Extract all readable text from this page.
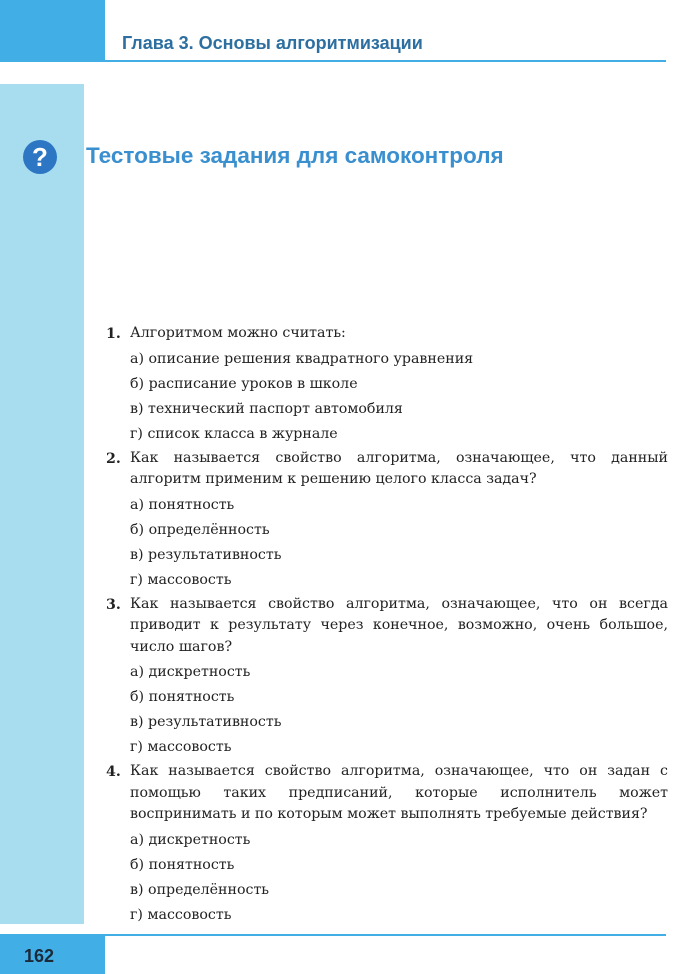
Глава 3. Основы алгоритмизации
?	Тестовые задания для самоконтроля
1. Алгоритмом можно считать:
а) описание решения квадратного уравнения
б) расписание уроков в школе
в) технический паспорт автомобиля
г) список класса в журнале
2. Как называется свойство алгоритма, означающее, что данный алгоритм применим к решению целого класса задач?
а) понятность
б) определённость
в) результативность
г) массовость
3. Как называется свойство алгоритма, означающее, что он всегда приводит к результату через конечное, возможно, очень большое, число шагов?
а) дискретность
б) понятность
в) результативность
г) массовость
4. Как называется свойство алгоритма, означающее, что он задан с помощью таких предписаний, которые исполнитель может воспринимать и по которым может выполнять требуемые действия?
а) дискретность
б) понятность
в) определённость
г) массовость
162
